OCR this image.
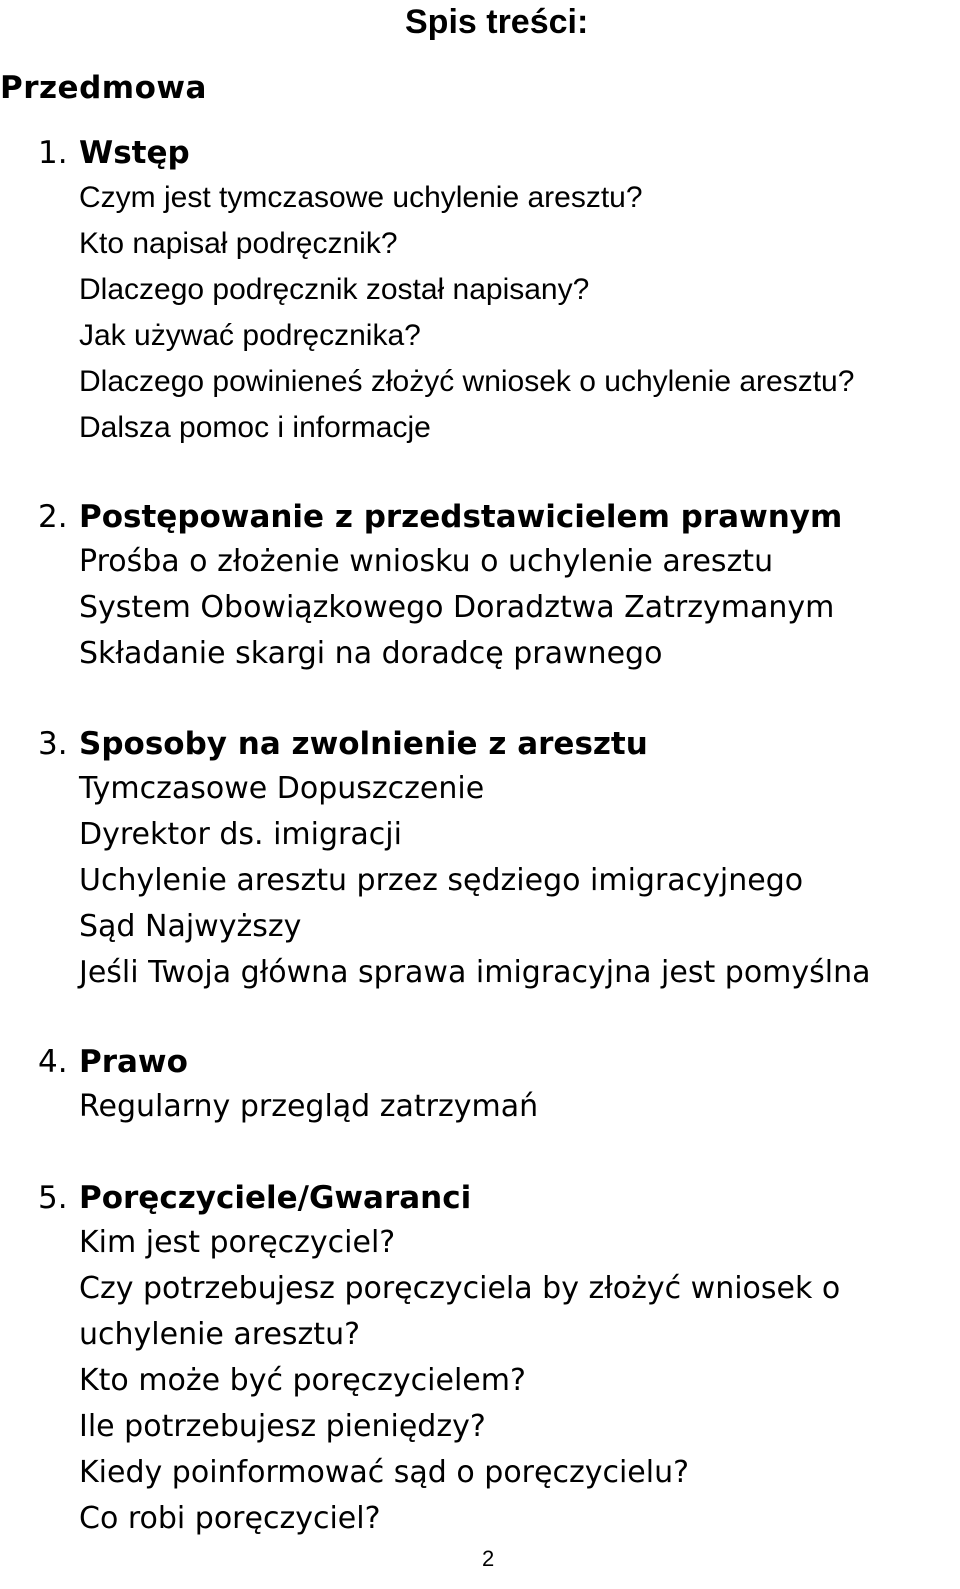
Spis treści:
Przedmowa
1. Wstęp
Czym jest tymczasowe uchylenie aresztu?
Kto napisał podręcznik?
Dlaczego podręcznik został napisany?
Jak używać podręcznika?
Dlaczego powinieneś złożyć wniosek o uchylenie aresztu?
Dalsza pomoc i informacje
2. Postępowanie z przedstawicielem prawnym
Prośba o złożenie wniosku o uchylenie aresztu
System Obowiązkowego Doradztwa Zatrzymanym
Składanie skargi na doradcę prawnego
3. Sposoby na zwolnienie z aresztu
Tymczasowe Dopuszczenie
Dyrektor ds. imigracji
Uchylenie aresztu przez sędziego imigracyjnego
Sąd Najwyższy
Jeśli Twoja główna sprawa imigracyjna jest pomyślna
4. Prawo
Regularny przegląd zatrzymań
5. Poręczyciele/Gwaranci
Kim jest poręczyciel?
Czy potrzebujesz poręczyciela by złożyć wniosek o uchylenie aresztu?
Kto może być poręczycielem?
Ile potrzebujesz pieniędzy?
Kiedy poinformować sąd o poręczycielu?
Co robi poręczyciel?
2
